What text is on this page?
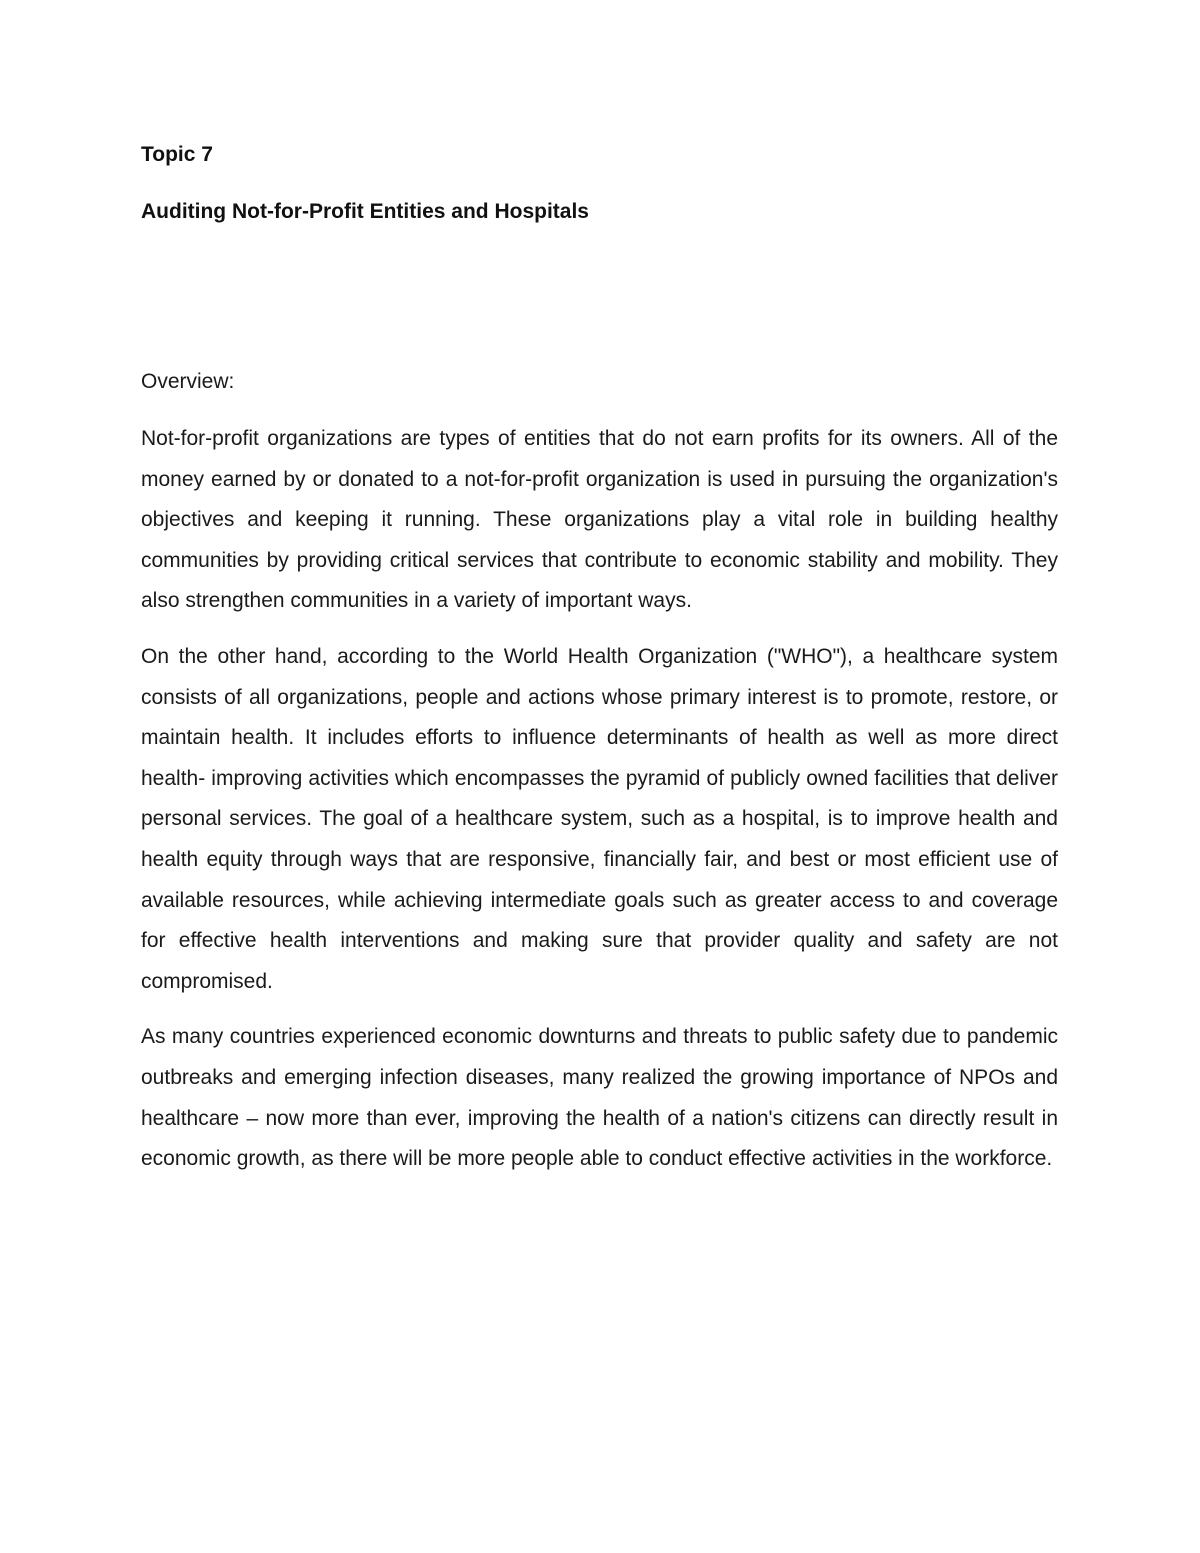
Topic 7

Auditing Not-for-Profit Entities and Hospitals

Overview:

Not-for-profit organizations are types of entities that do not earn profits for its owners. All of the money earned by or donated to a not-for-profit organization is used in pursuing the organization's objectives and keeping it running. These organizations play a vital role in building healthy communities by providing critical services that contribute to economic stability and mobility. They also strengthen communities in a variety of important ways.

On the other hand, according to the World Health Organization ("WHO"), a healthcare system consists of all organizations, people and actions whose primary interest is to promote, restore, or maintain health. It includes efforts to influence determinants of health as well as more direct health- improving activities which encompasses the pyramid of publicly owned facilities that deliver personal services. The goal of a healthcare system, such as a hospital, is to improve health and health equity through ways that are responsive, financially fair, and best or most efficient use of available resources, while achieving intermediate goals such as greater access to and coverage for effective health interventions and making sure that provider quality and safety are not compromised.

As many countries experienced economic downturns and threats to public safety due to pandemic outbreaks and emerging infection diseases, many realized the growing importance of NPOs and healthcare – now more than ever, improving the health of a nation's citizens can directly result in economic growth, as there will be more people able to conduct effective activities in the workforce.
